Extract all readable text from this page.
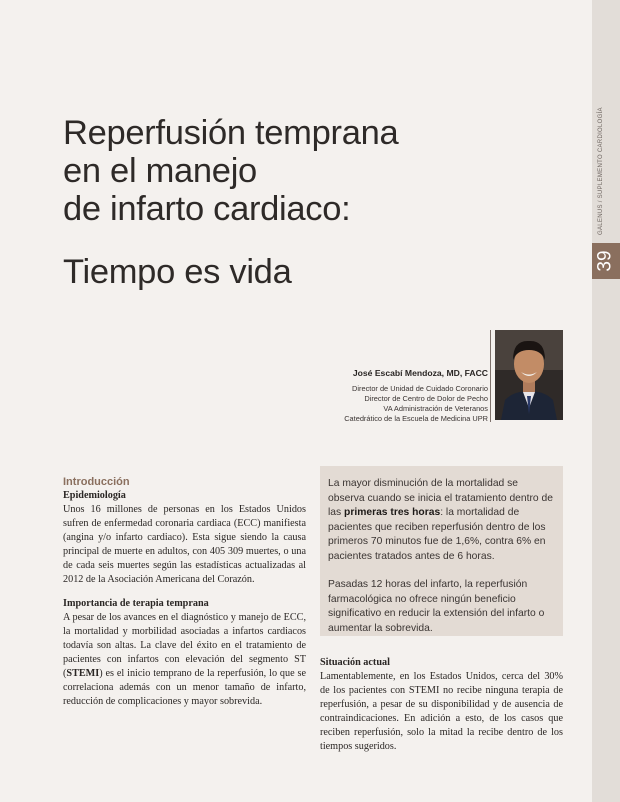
GALENUS / SUPLEMENTO CARDIOLOGÍA
39
Reperfusión temprana
en el manejo
de infarto cardiaco:
Tiempo es vida
José Escabí Mendoza, MD, FACC
Director de Unidad de Cuidado Coronario
Director de Centro de Dolor de Pecho
VA Administración de Veteranos
Catedrático de la Escuela de Medicina UPR
Introducción
Epidemiología

Unos 16 millones de personas en los Estados Unidos sufren de enfermedad coronaria cardiaca (ECC) manifiesta (angina y/o infarto cardiaco). Esta sigue siendo la causa principal de muerte en adultos, con 405 309 muertes, o una de cada seis muertes según las estadísticas actualizadas al 2012 de la Asociación Americana del Corazón.

Importancia de terapia temprana

A pesar de los avances en el diagnóstico y manejo de ECC, la mortalidad y morbilidad asociadas a infartos cardiacos todavía son altas. La clave del éxito en el tratamiento de pacientes con infartos con elevación del segmento ST (STEMI) es el inicio temprano de la reperfusión, lo que se correlaciona además con un menor tamaño de infarto, reducción de complicaciones y mayor sobrevida.

La mayor disminución de la mortalidad se observa cuando se inicia el tratamiento dentro de las primeras tres horas: la mortalidad de pacientes que reciben reperfusión dentro de los primeros 70 minutos fue de 1,6%, contra 6% en pacientes tratados antes de 6 horas.

Pasadas 12 horas del infarto, la reperfusión farmacológica no ofrece ningún beneficio significativo en reducir la extensión del infarto o aumentar la sobrevida.

Situación actual

Lamentablemente, en los Estados Unidos, cerca del 30% de los pacientes con STEMI no recibe ninguna terapia de reperfusión, a pesar de su disponibilidad y de ausencia de contraindicaciones. En adición a esto, de los casos que reciben reperfusión, solo la mitad la recibe dentro de los tiempos sugeridos.
